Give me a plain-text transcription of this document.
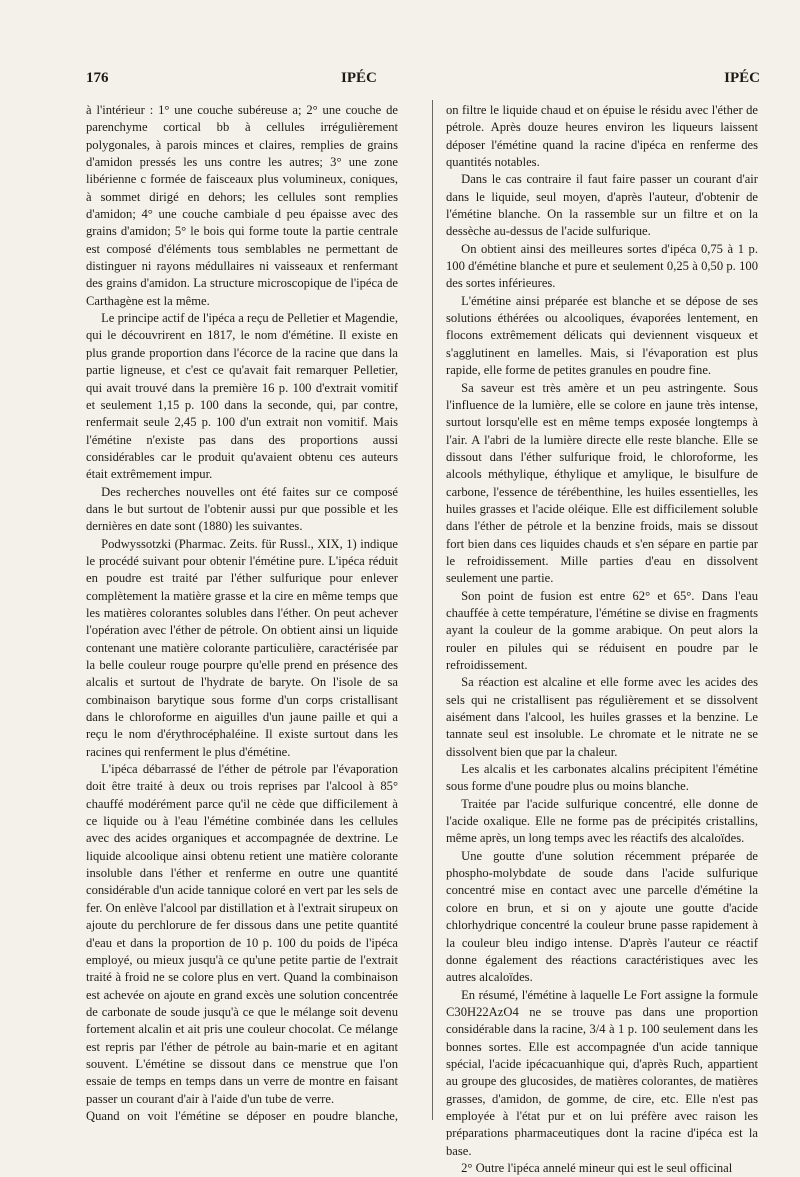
176	IPÉC	IPÉC

à l'intérieur : 1° une couche subéreuse a; 2° une couche de parenchyme cortical bb à cellules irrégulièrement polygonales, à parois minces et claires, remplies de grains d'amidon pressés les uns contre les autres; 3° une zone libérienne c formée de faisceaux plus volumineux, coniques, à sommet dirigé en dehors; les cellules sont remplies d'amidon; 4° une couche cambiale d peu épaisse avec des grains d'amidon; 5° le bois qui forme toute la partie centrale est composé d'éléments tous semblables ne permettant de distinguer ni rayons médullaires ni vaisseaux et renfermant des grains d'amidon. La structure microscopique de l'ipéca de Carthagène est la même.

Le principe actif de l'ipéca a reçu de Pelletier et Magendie, qui le découvrirent en 1817, le nom d'émétine. Il existe en plus grande proportion dans l'écorce de la racine que dans la partie ligneuse, et c'est ce qu'avait fait remarquer Pelletier, qui avait trouvé dans la première 16 p. 100 d'extrait vomitif et seulement 1,15 p. 100 dans la seconde, qui, par contre, renfermait seule 2,45 p. 100 d'un extrait non vomitif. Mais l'émétine n'existe pas dans des proportions aussi considérables car le produit qu'avaient obtenu ces auteurs était extrêmement impur.

Des recherches nouvelles ont été faites sur ce composé dans le but surtout de l'obtenir aussi pur que possible et les dernières en date sont (1880) les suivantes.

Podwyssotzki (Pharmac. Zeits. für Russl., XIX, 1) indique le procédé suivant pour obtenir l'émétine pure. L'ipéca réduit en poudre est traité par l'éther sulfurique pour enlever complètement la matière grasse et la cire en même temps que les matières colorantes solubles dans l'éther. On peut achever l'opération avec l'éther de pétrole. On obtient ainsi un liquide contenant une matière colorante particulière, caractérisée par la belle couleur rouge pourpre qu'elle prend en présence des alcalis et surtout de l'hydrate de baryte. On l'isole de sa combinaison barytique sous forme d'un corps cristallisant dans le chloroforme en aiguilles d'un jaune paille et qui a reçu le nom d'érythrocéphaléine. Il existe surtout dans les racines qui renferment le plus d'émétine.

L'ipéca débarrassé de l'éther de pétrole par l'évaporation doit être traité à deux ou trois reprises par l'alcool à 85° chauffé modérément parce qu'il ne cède que difficilement à ce liquide ou à l'eau l'émétine combinée dans les cellules avec des acides organiques et accompagnée de dextrine. Le liquide alcoolique ainsi obtenu retient une matière colorante insoluble dans l'éther et renferme en outre une quantité considérable d'un acide tannique coloré en vert par les sels de fer. On enlève l'alcool par distillation et à l'extrait sirupeux on ajoute du perchlorure de fer dissous dans une petite quantité d'eau et dans la proportion de 10 p. 100 du poids de l'ipéca employé, ou mieux jusqu'à ce qu'une petite partie de l'extrait traité à froid ne se colore plus en vert. Quand la combinaison est achevée on ajoute en grand excès une solution concentrée de carbonate de soude jusqu'à ce que le mélange soit devenu fortement alcalin et ait pris une couleur chocolat. Ce mélange est repris par l'éther de pétrole au bain-marie et en agitant souvent. L'émétine se dissout dans ce menstrue que l'on essaie de temps en temps dans un verre de montre en faisant passer un courant d'air à l'aide d'un tube de verre.

Quand on voit l'émétine se déposer en poudre blanche,

on filtre le liquide chaud et on épuise le résidu avec l'éther de pétrole. Après douze heures environ les liqueurs laissent déposer l'émétine quand la racine d'ipéca en renferme des quantités notables.

Dans le cas contraire il faut faire passer un courant d'air dans le liquide, seul moyen, d'après l'auteur, d'obtenir de l'émétine blanche. On la rassemble sur un filtre et on la dessèche au-dessus de l'acide sulfurique.

On obtient ainsi des meilleures sortes d'ipéca 0,75 à 1 p. 100 d'émétine blanche et pure et seulement 0,25 à 0,50 p. 100 des sortes inférieures.

L'émétine ainsi préparée est blanche et se dépose de ses solutions éthérées ou alcooliques, évaporées lentement, en flocons extrêmement délicats qui deviennent visqueux et s'agglutinent en lamelles. Mais, si l'évaporation est plus rapide, elle forme de petites granules en poudre fine.

Sa saveur est très amère et un peu astringente. Sous l'influence de la lumière, elle se colore en jaune très intense, surtout lorsqu'elle est en même temps exposée longtemps à l'air. A l'abri de la lumière directe elle reste blanche. Elle se dissout dans l'éther sulfurique froid, le chloroforme, les alcools méthylique, éthylique et amylique, le bisulfure de carbone, l'essence de térébenthine, les huiles essentielles, les huiles grasses et l'acide oléique. Elle est difficilement soluble dans l'éther de pétrole et la benzine froids, mais se dissout fort bien dans ces liquides chauds et s'en sépare en partie par le refroidissement. Mille parties d'eau en dissolvent seulement une partie.

Son point de fusion est entre 62° et 65°. Dans l'eau chauffée à cette température, l'émétine se divise en fragments ayant la couleur de la gomme arabique. On peut alors la rouler en pilules qui se réduisent en poudre par le refroidissement.

Sa réaction est alcaline et elle forme avec les acides des sels qui ne cristallisent pas régulièrement et se dissolvent aisément dans l'alcool, les huiles grasses et la benzine. Le tannate seul est insoluble. Le chromate et le nitrate ne se dissolvent bien que par la chaleur.

Les alcalis et les carbonates alcalins précipitent l'émétine sous forme d'une poudre plus ou moins blanche.

Traitée par l'acide sulfurique concentré, elle donne de l'acide oxalique. Elle ne forme pas de précipités cristallins, même après, un long temps avec les réactifs des alcaloïdes.

Une goutte d'une solution récemment préparée de phospho-molybdate de soude dans l'acide sulfurique concentré mise en contact avec une parcelle d'émétine la colore en brun, et si on y ajoute une goutte d'acide chlorhydrique concentré la couleur brune passe rapidement à la couleur bleu indigo intense. D'après l'auteur ce réactif donne également des réactions caractéristiques avec les autres alcaloïdes.

En résumé, l'émétine à laquelle Le Fort assigne la formule C30H22AzO4 ne se trouve pas dans une proportion considérable dans la racine, 3/4 à 1 p. 100 seulement dans les bonnes sortes. Elle est accompagnée d'un acide tannique spécial, l'acide ipécacuanhique qui, d'après Ruch, appartient au groupe des glucosides, de matières colorantes, de matières grasses, d'amidon, de gomme, de cire, etc. Elle n'est pas employée à l'état pur et on lui préfère avec raison les préparations pharmaceutiques dont la racine d'ipéca est la base.

2° Outre l'ipéca annelé mineur qui est le seul officinal
